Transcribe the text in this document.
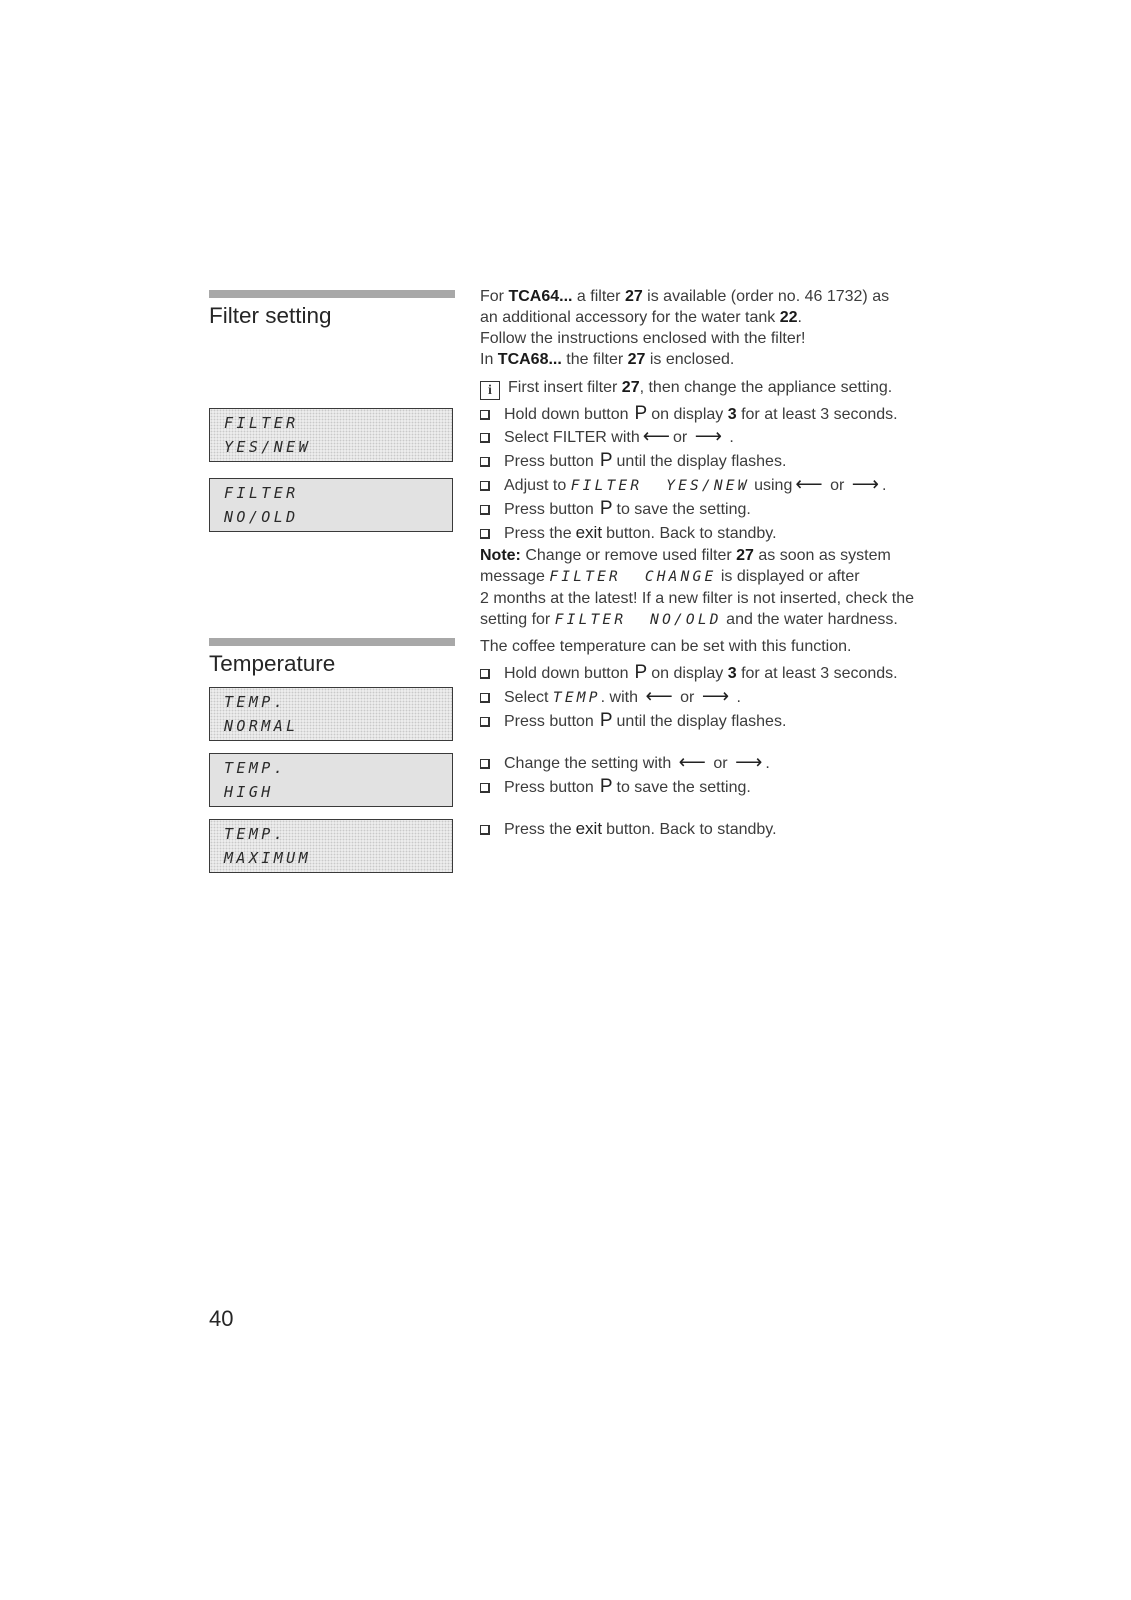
Filter setting
FILTER
YES/NEW
FILTER
NO/OLD
Temperature
TEMP.
NORMAL
TEMP.
HIGH
TEMP.
MAXIMUM

For TCA64... a filter 27 is available (order no. 46 1732) as

an additional accessory for the water tank 22.

Follow the instructions enclosed with the filter!

In TCA68... the filter 27 is enclosed.

i First insert filter 27, then change the appliance setting.
Hold down button P on display 3 for at least 3 seconds.
Select FILTER with ⟵ or ⟶ .
Press button P until the display flashes.
Adjust to FILTER  YES/NEW using ⟵ or ⟶ .
Press button P to save the setting.
Press the exit button. Back to standby.

Note: Change or remove used filter 27 as soon as system

message FILTER  CHANGE is displayed or after

2 months at the latest! If a new filter is not inserted, check the

setting for FILTER  NO/OLD and the water hardness.

The coffee temperature can be set with this function.
Hold down button P on display 3 for at least 3 seconds.
Select TEMP. with ⟵ or ⟶ .
Press button P until the display flashes.
Change the setting with ⟵ or ⟶ .
Press button P to save the setting.
Press the exit button. Back to standby.
40
